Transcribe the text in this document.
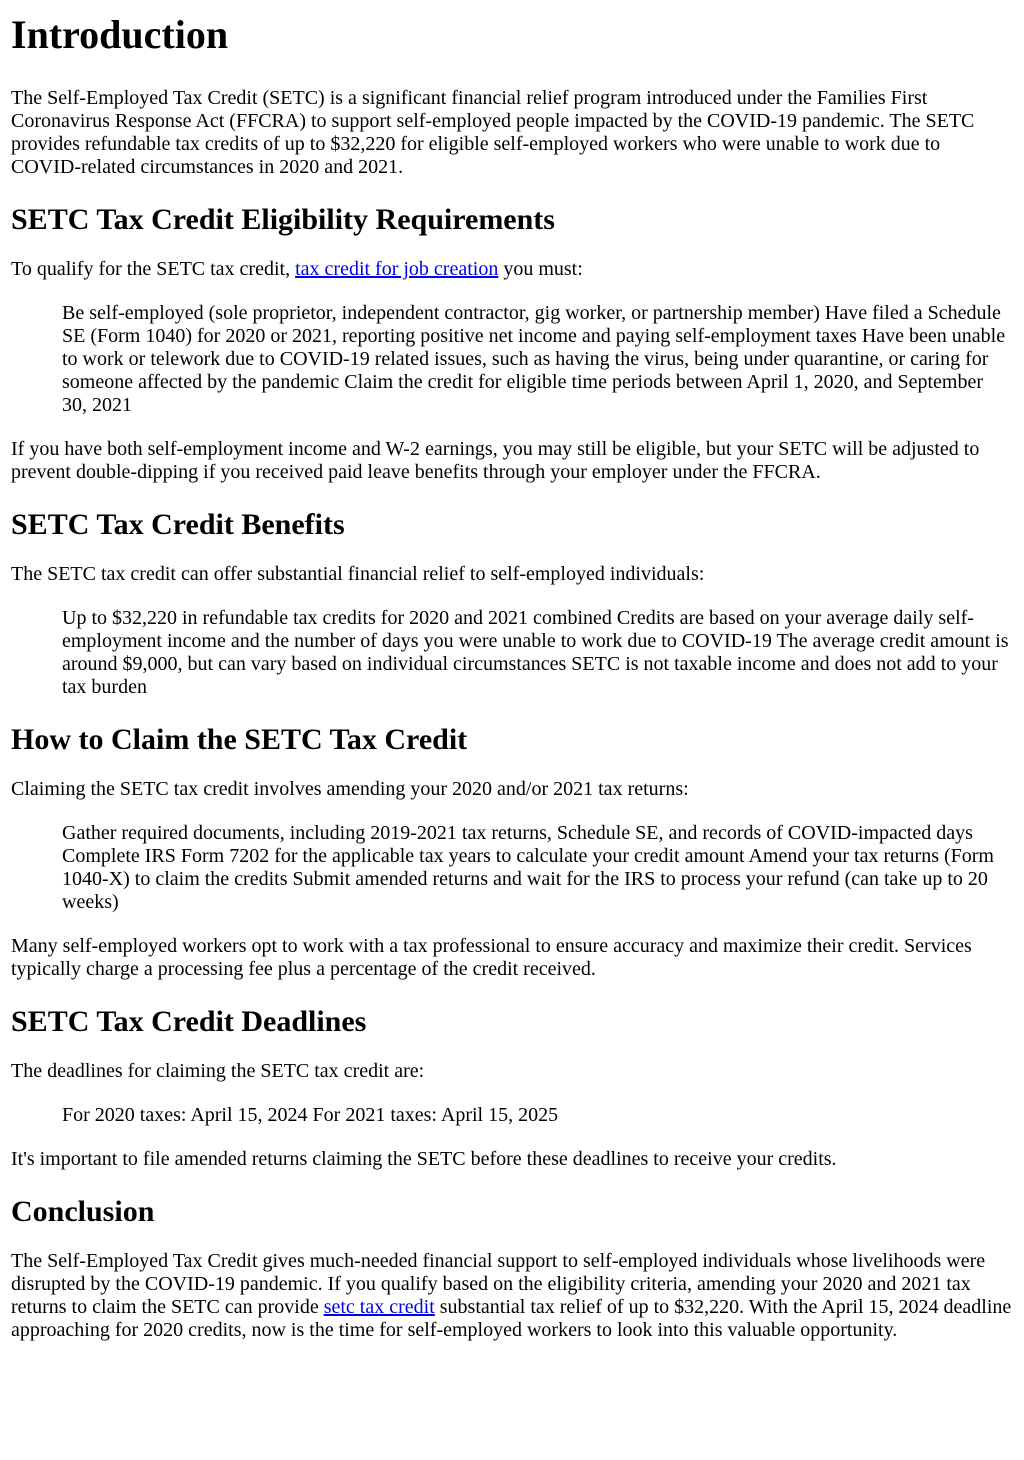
Introduction

The Self-Employed Tax Credit (SETC) is a significant financial relief program introduced under the Families First Coronavirus Response Act (FFCRA) to support self-employed people impacted by the COVID-19 pandemic. The SETC provides refundable tax credits of up to $32,220 for eligible self-employed workers who were unable to work due to COVID-related circumstances in 2020 and 2021.

SETC Tax Credit Eligibility Requirements

To qualify for the SETC tax credit, tax credit for job creation you must:

Be self-employed (sole proprietor, independent contractor, gig worker, or partnership member) Have filed a Schedule SE (Form 1040) for 2020 or 2021, reporting positive net income and paying self-employment taxes Have been unable to work or telework due to COVID-19 related issues, such as having the virus, being under quarantine, or caring for someone affected by the pandemic Claim the credit for eligible time periods between April 1, 2020, and September 30, 2021

If you have both self-employment income and W-2 earnings, you may still be eligible, but your SETC will be adjusted to prevent double-dipping if you received paid leave benefits through your employer under the FFCRA.

SETC Tax Credit Benefits

The SETC tax credit can offer substantial financial relief to self-employed individuals:

Up to $32,220 in refundable tax credits for 2020 and 2021 combined Credits are based on your average daily self-employment income and the number of days you were unable to work due to COVID-19 The average credit amount is around $9,000, but can vary based on individual circumstances SETC is not taxable income and does not add to your tax burden
How to Claim the SETC Tax Credit

Claiming the SETC tax credit involves amending your 2020 and/or 2021 tax returns:

Gather required documents, including 2019-2021 tax returns, Schedule SE, and records of COVID-impacted days Complete IRS Form 7202 for the applicable tax years to calculate your credit amount Amend your tax returns (Form 1040-X) to claim the credits Submit amended returns and wait for the IRS to process your refund (can take up to 20 weeks)

Many self-employed workers opt to work with a tax professional to ensure accuracy and maximize their credit. Services typically charge a processing fee plus a percentage of the credit received.

SETC Tax Credit Deadlines

The deadlines for claiming the SETC tax credit are:

For 2020 taxes: April 15, 2024 For 2021 taxes: April 15, 2025

It's important to file amended returns claiming the SETC before these deadlines to receive your credits.

Conclusion

The Self-Employed Tax Credit gives much-needed financial support to self-employed individuals whose livelihoods were disrupted by the COVID-19 pandemic. If you qualify based on the eligibility criteria, amending your 2020 and 2021 tax returns to claim the SETC can provide setc tax credit substantial tax relief of up to $32,220. With the April 15, 2024 deadline approaching for 2020 credits, now is the time for self-employed workers to look into this valuable opportunity.
